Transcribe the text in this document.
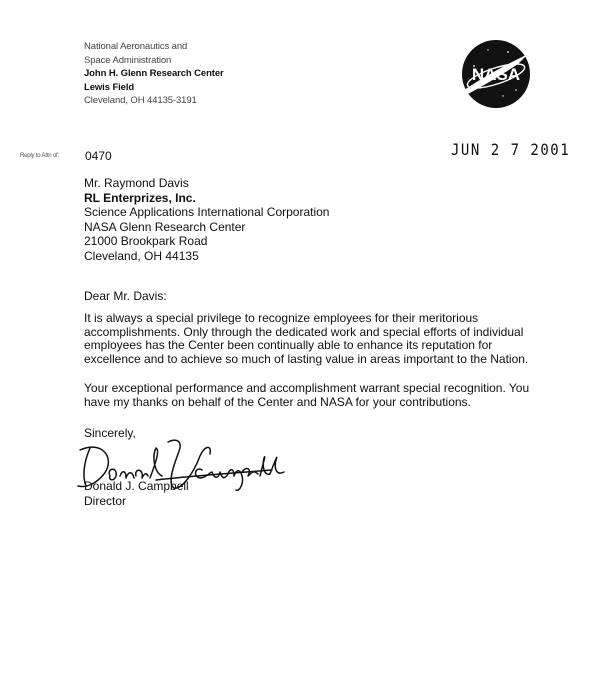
National Aeronautics and
Space Administration
John H. Glenn Research Center
Lewis Field
Cleveland, OH 44135-3191
NASA
Reply to Attn of: 0470	JUN 2 7 2001
Mr. Raymond Davis
RL Enterprizes, Inc.
Science Applications International Corporation
NASA Glenn Research Center
21000 Brookpark Road
Cleveland, OH 44135
Dear Mr. Davis:
It is always a special privilege to recognize employees for their meritorious
accomplishments. Only through the dedicated work and special efforts of individual
employees has the Center been continually able to enhance its reputation for
excellence and to achieve so much of lasting value in areas important to the Nation.
Your exceptional performance and accomplishment warrant special recognition. You
have my thanks on behalf of the Center and NASA for your contributions.
Sincerely,
Donald J. Campbell
Director
